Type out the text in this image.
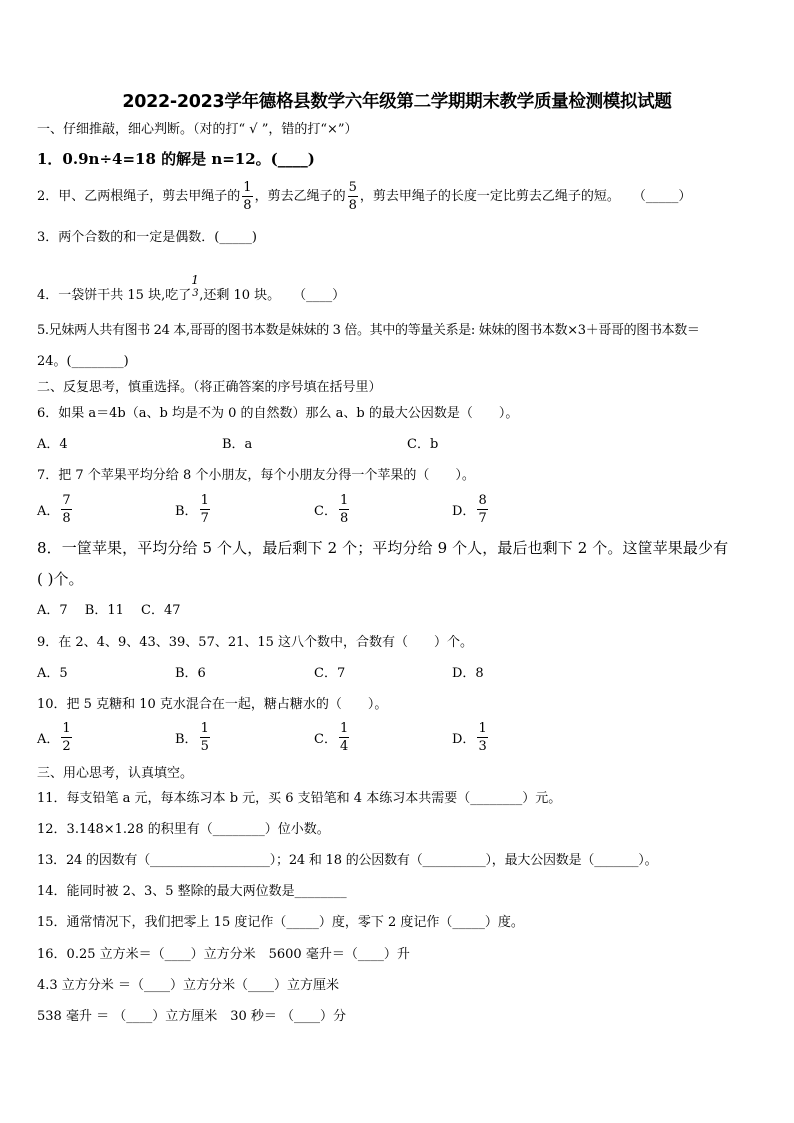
2022-2023学年德格县数学六年级第二学期期末教学质量检测模拟试题
一、仔细推敲，细心判断。（对的打“ √ ”，错的打“×”）
1．0.9n÷4=18 的解是 n=12。(____)
2．甲、乙两根绳子，剪去甲绳子的 $\frac{1}{8}$ ，剪去乙绳子的 $\frac{5}{8}$ ，剪去甲绳子的长度一定比剪去乙绳子的短。　　（_____）
3．两个合数的和一定是偶数．(_____)
4．一袋饼干共 15 块,吃了
1
3 ,还剩 10 块。　　（____）
5.兄妹两人共有图书 24 本,哥哥的图书本数是妹妹的 3 倍。其中的等量关系是: 妹妹的图书本数×3＋哥哥的图书本数＝
24。(________)
二、反复思考，慎重选择。（将正确答案的序号填在括号里）
6．如果 a＝4b（a、b 均是不为 0 的自然数）那么 a、b 的最大公因数是（　　）。
A．4	B．a	C．b
7．把 7 个苹果平均分给 8 个小朋友，每个小朋友分得一个苹果的（　　）。
A． $\frac{7}{8}$	B． $\frac{1}{7}$	C． $\frac{1}{8}$	D． $\frac{8}{7}$
8．一筐苹果，平均分给 5 个人，最后剩下 2 个；平均分给 9 个人，最后也剩下 2 个。这筐苹果最少有
( )个。
A．7　 B．11　 C．47
9．在 2、4、9、43、39、57、21、15 这八个数中，合数有（　　）个。
A．5	B．6	C．7	D．8
10．把 5 克糖和 10 克水混合在一起，糖占糖水的（　　）。
A． $\frac{1}{2}$	B． $\frac{1}{5}$	C． $\frac{1}{4}$	D． $\frac{1}{3}$
三、用心思考，认真填空。
11．每支铅笔 a 元，每本练习本 b 元，买 6 支铅笔和 4 本练习本共需要（________）元。
12．3.148×1.28 的积里有（________）位小数。
13．24 的因数有（___________________）；24 和 18 的公因数有（__________），最大公因数是（_______）。
14．能同时被 2、3、5 整除的最大两位数是________
15．通常情况下，我们把零上 15 度记作（_____）度，零下 2 度记作（_____）度。
16．0.25 立方米＝（____）立方分米　5600 毫升＝（____）升
4.3 立方分米 ＝（____）立方分米（____）立方厘米
538 毫升 ＝ （____）立方厘米　30 秒＝ （____）分
